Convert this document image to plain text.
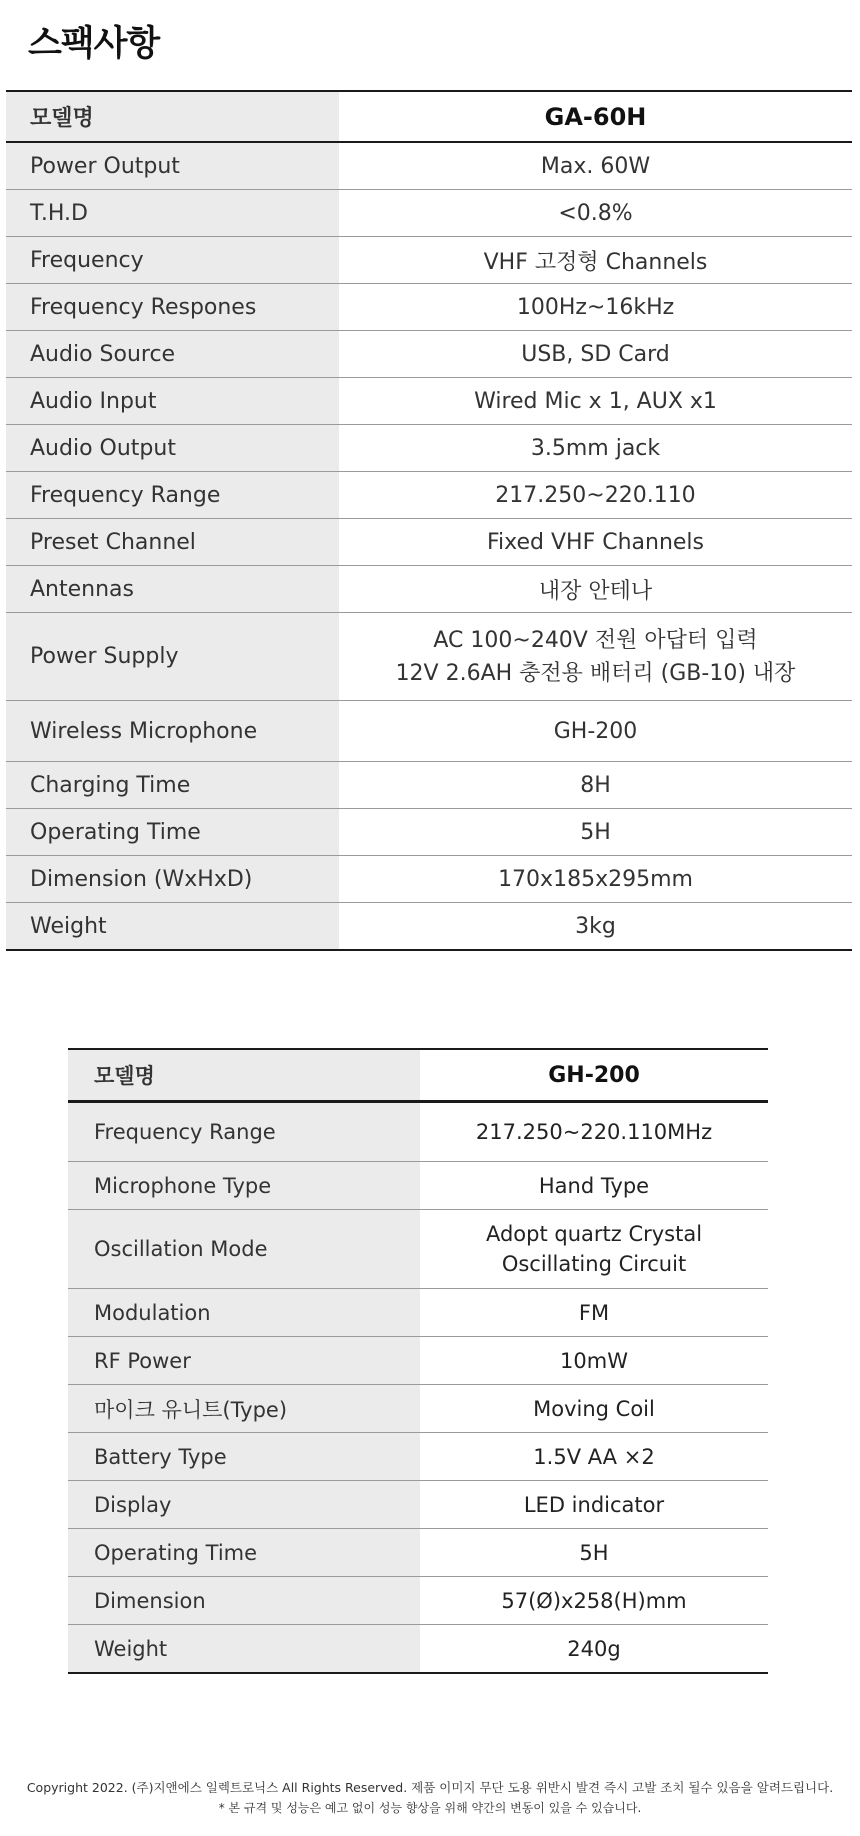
스팩사항
모델명	GA-60H
Power Output	Max. 60W
T.H.D	<0.8%
Frequency	VHF 고정형 Channels
Frequency Respones	100Hz~16kHz
Audio Source	USB, SD Card
Audio Input	Wired Mic x 1, AUX x1
Audio Output	3.5mm jack
Frequency Range	217.250~220.110
Preset Channel	Fixed VHF Channels
Antennas	내장 안테나
Power Supply	AC 100~240V 전원 아답터 입력
12V 2.6AH 충전용 배터리 (GB-10) 내장

Wireless Microphone	GH-200
Charging Time	8H
Operating Time	5H
Dimension (WxHxD)	170x185x295mm
Weight	3kg
모델명	GH-200
Frequency Range	217.250~220.110MHz
Microphone Type	Hand Type
Oscillation Mode	Adopt quartz Crystal
Oscillating Circuit

Modulation	FM
RF Power	10mW
마이크 유니트(Type)	Moving Coil
Battery Type	1.5V AA ×2
Display	LED indicator
Operating Time	5H
Dimension	57(Ø)x258(H)mm
Weight	240g
Copyright 2022. (주)지앤에스 일렉트로닉스 All Rights Reserved. 제품 이미지 무단 도용 위반시 발견 즉시 고발 조치 될수 있음을 알려드립니다.
* 본 규격 및 성능은 예고 없이 성능 향상을 위해 약간의 변동이 있을 수 있습니다.
